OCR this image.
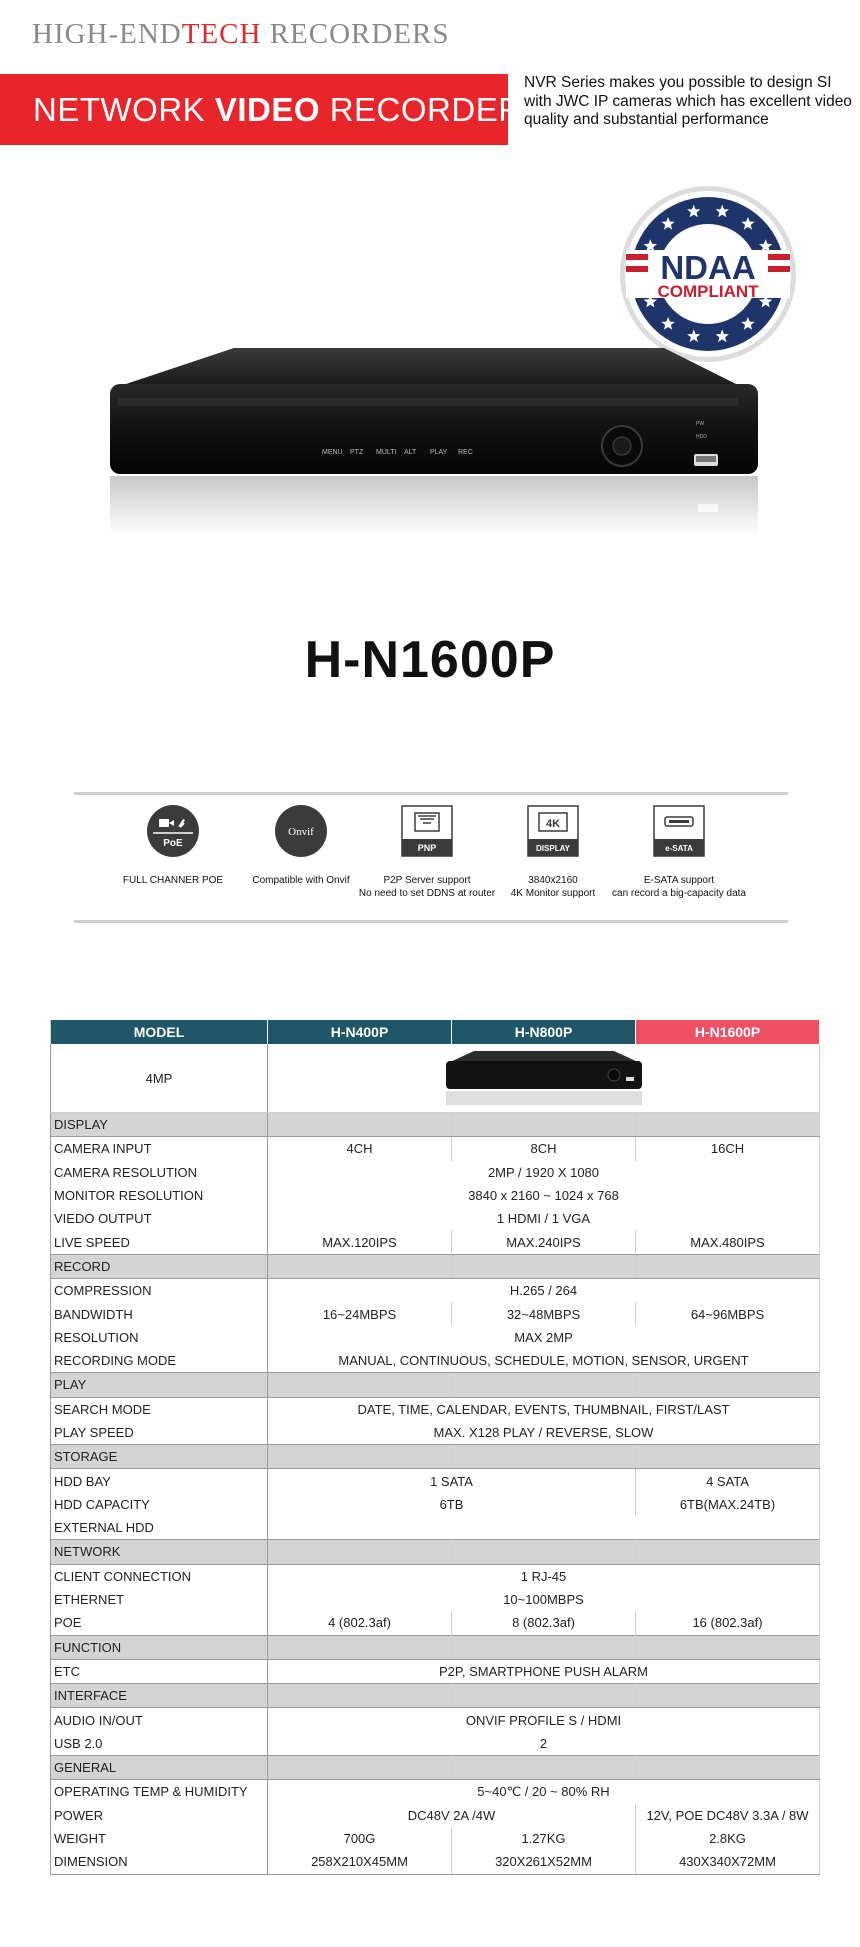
HIGH-ENDTECH RECORDERS
NETWORK VIDEO RECORDER
NVR Series makes you possible to design SI with JWC IP cameras which has excellent video quality and substantial performance
NDAA
COMPLIANT
MENU PTZ MULTI ALT PLAY REC
PW
HDD
H-N1600P
PoE
FULL CHANNER POE
Onvif
Compatible with Onvif
PNP
P2P Server support
No need to set DDNS at router
4K
DISPLAY
3840x2160
4K Monitor support
e-SATA
E-SATA support
can record a big-capacity data
MODEL	H-N400P	H-N800P	H-N1600P
4MP	
DISPLAY			
CAMERA INPUT	4CH	8CH	16CH
CAMERA RESOLUTION	2MP / 1920 X 1080		
MONITOR RESOLUTION	3840 x 2160 ~ 1024 x 768		
VIEDO OUTPUT	1 HDMI / 1 VGA		
LIVE SPEED	MAX.120IPS	MAX.240IPS	MAX.480IPS
RECORD			
COMPRESSION	H.265 / 264		
BANDWIDTH	16~24MBPS	32~48MBPS	64~96MBPS
RESOLUTION	MAX 2MP		
RECORDING MODE	MANUAL, CONTINUOUS, SCHEDULE, MOTION, SENSOR, URGENT		
PLAY			
SEARCH MODE	DATE, TIME, CALENDAR, EVENTS, THUMBNAIL, FIRST/LAST		
PLAY SPEED	MAX. X128 PLAY / REVERSE, SLOW		
STORAGE			
HDD BAY	1 SATA		4 SATA
HDD CAPACITY	6TB		6TB(MAX.24TB)
EXTERNAL HDD			
NETWORK			
CLIENT CONNECTION	1 RJ-45		
ETHERNET	10~100MBPS		
POE	4 (802.3af)	8 (802.3af)	16 (802.3af)
FUNCTION			
ETC	P2P, SMARTPHONE PUSH ALARM		
INTERFACE			
AUDIO IN/OUT	ONVIF PROFILE S / HDMI		
USB 2.0	2		
GENERAL			
OPERATING TEMP & HUMIDITY	5~40℃ / 20 ~ 80% RH		
POWER	DC48V 2A /4W		12V, POE DC48V 3.3A / 8W
WEIGHT	700G	1.27KG	2.8KG
DIMENSION	258X210X45MM	320X261X52MM	430X340X72MM
